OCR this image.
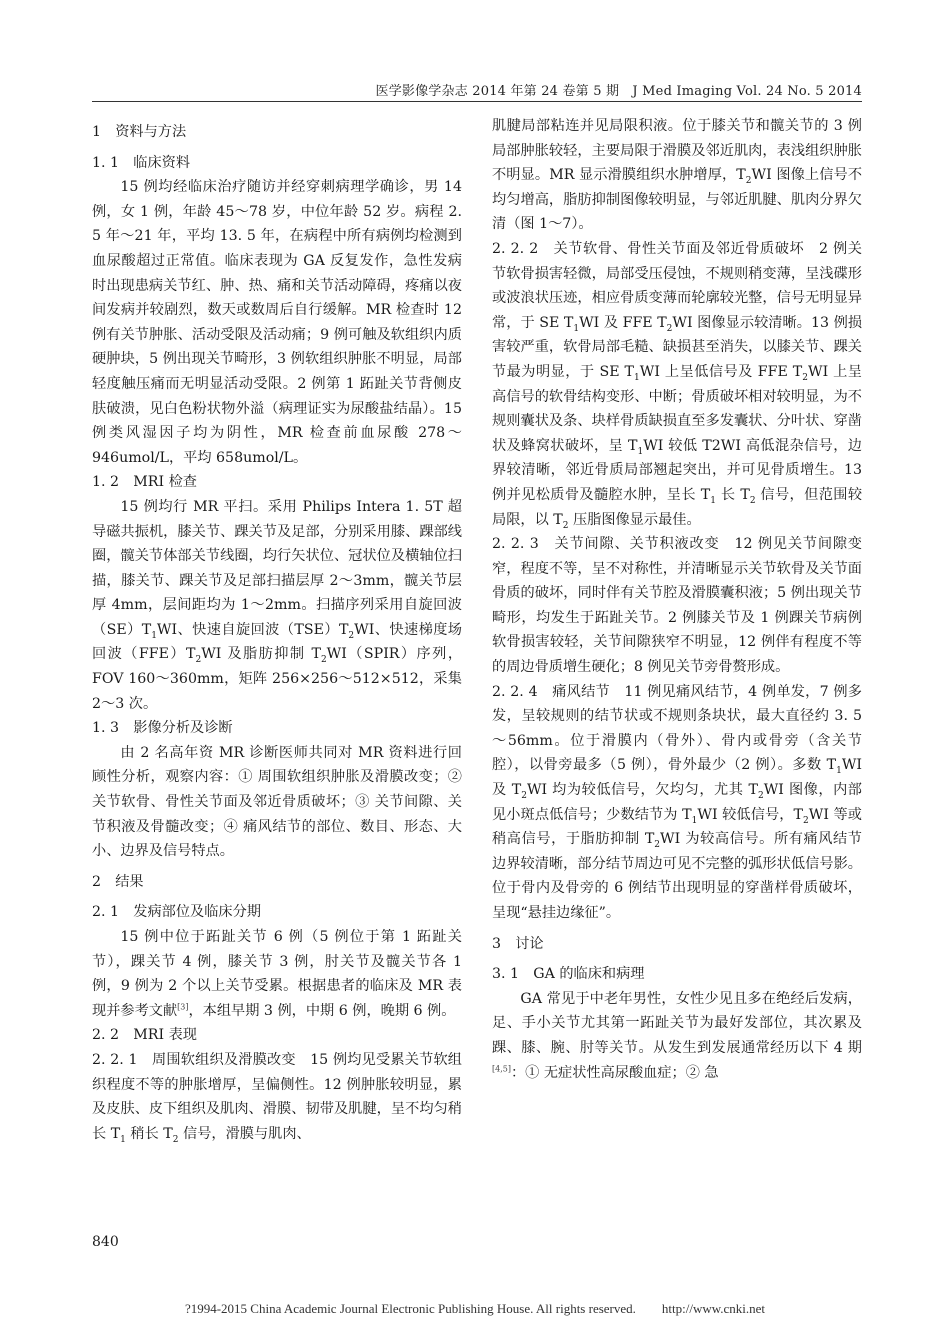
医学影像学杂志 2014 年第 24 卷第 5 期　J Med Imaging Vol. 24 No. 5 2014

1　资料与方法

1. 1　临床资料

15 例均经临床治疗随访并经穿刺病理学确诊，男 14 例，女 1 例，年龄 45～78 岁，中位年龄 52 岁。病程 2. 5 年～21 年，平均 13. 5 年，在病程中所有病例均检测到血尿酸超过正常值。临床表现为 GA 反复发作，急性发病时出现患病关节红、肿、热、痛和关节活动障碍，疼痛以夜间发病并较剧烈，数天或数周后自行缓解。MR 检查时 12 例有关节肿胀、活动受限及活动痛；9 例可触及软组织内质硬肿块，5 例出现关节畸形，3 例软组织肿胀不明显，局部轻度触压痛而无明显活动受限。2 例第 1 跖趾关节背侧皮肤破溃，见白色粉状物外溢（病理证实为尿酸盐结晶）。15 例类风湿因子均为阴性，MR 检查前血尿酸 278～946umol/L，平均 658umol/L。

1. 2　MRI 检查

15 例均行 MR 平扫。采用 Philips Intera 1. 5T 超导磁共振机，膝关节、踝关节及足部，分别采用膝、踝部线圈，髋关节体部关节线圈，均行矢状位、冠状位及横轴位扫描，膝关节、踝关节及足部扫描层厚 2～3mm，髋关节层厚 4mm，层间距均为 1～2mm。扫描序列采用自旋回波$(SE)T_1WI$、快速自旋回波$(TSE)T_2WI$、快速梯度场回波$(FFE)T_2WI$ 及脂肪抑制 $T_2WI(SPIR)$序列，FOV 160～360mm，矩阵 256×256～512×512，采集 2～3 次。

1. 3　影像分析及诊断

由 2 名高年资 MR 诊断医师共同对 MR 资料进行回顾性分析，观察内容：① 周围软组织肿胀及滑膜改变；② 关节软骨、骨性关节面及邻近骨质破坏；③ 关节间隙、关节积液及骨髓改变；④ 痛风结节的部位、数目、形态、大小、边界及信号特点。

2　结果

2. 1　发病部位及临床分期

15 例中位于跖趾关节 6 例（5 例位于第 1 跖趾关节），踝关节 4 例，膝关节 3 例，肘关节及髋关节各 1 例，9 例为 2 个以上关节受累。根据患者的临床及 MR 表现并参考文献[3]，本组早期 3 例，中期 6 例，晚期 6 例。

2. 2　MRI 表现

2. 2. 1　周围软组织及滑膜改变　15 例均见受累关节软组织程度不等的肿胀增厚，呈偏侧性。12 例肿胀较明显，累及皮肤、皮下组织及肌肉、滑膜、韧带及肌腱，呈不均匀稍长 $T_1$ 稍长 $T_2$ 信号，滑膜与肌肉、

肌腱局部粘连并见局限积液。位于膝关节和髋关节的 3 例局部肿胀较轻，主要局限于滑膜及邻近肌肉，表浅组织肿胀不明显。MR 显示滑膜组织水肿增厚，$T_2WI$ 图像上信号不均匀增高，脂肪抑制图像较明显，与邻近肌腱、肌肉分界欠清（图 1～7）。

2. 2. 2　关节软骨、骨性关节面及邻近骨质破坏　2 例关节软骨损害轻微，局部受压侵蚀，不规则稍变薄，呈浅碟形或波浪状压迹，相应骨质变薄而轮廓较光整，信号无明显异常，于 SE $T_1WI$ 及 FFE $T_2WI$ 图像显示较清晰。13 例损害较严重，软骨局部毛糙、缺损甚至消失，以膝关节、踝关节最为明显，于 SE $T_1WI$ 上呈低信号及 FFE $T_2WI$ 上呈高信号的软骨结构变形、中断；骨质破坏相对较明显，为不规则囊状及条、块样骨质缺损直至多发囊状、分叶状、穿凿状及蜂窝状破坏，呈 $T_1WI$ 较低 T2WI 高低混杂信号，边界较清晰，邻近骨质局部翘起突出，并可见骨质增生。13 例并见松质骨及髓腔水肿，呈长 $T_1$ 长 $T_2$ 信号，但范围较局限，以 $T_2$ 压脂图像显示最佳。

2. 2. 3　关节间隙、关节积液改变　12 例见关节间隙变窄，程度不等，呈不对称性，并清晰显示关节软骨及关节面骨质的破坏，同时伴有关节腔及滑膜囊积液；5 例出现关节畸形，均发生于跖趾关节。2 例膝关节及 1 例踝关节病例软骨损害较轻，关节间隙狭窄不明显，12 例伴有程度不等的周边骨质增生硬化；8 例见关节旁骨赘形成。

2. 2. 4　痛风结节　11 例见痛风结节，4 例单发，7 例多发，呈较规则的结节状或不规则条块状，最大直径约 3. 5～56mm。位于滑膜内（骨外）、骨内或骨旁（含关节腔），以骨旁最多（5 例），骨外最少（2 例）。多数 $T_1WI$ 及 $T_2WI$ 均为较低信号，欠均匀，尤其 $T_2WI$ 图像，内部见小斑点低信号；少数结节为 $T_1WI$ 较低信号，$T_2WI$ 等或稍高信号，于脂肪抑制 $T_2WI$ 为较高信号。所有痛风结节边界较清晰，部分结节周边可见不完整的弧形状低信号影。位于骨内及骨旁的 6 例结节出现明显的穿凿样骨质破坏，呈现“悬挂边缘征”。

3　讨论

3. 1　GA 的临床和病理

GA 常见于中老年男性，女性少见且多在绝经后发病，足、手小关节尤其第一跖趾关节为最好发部位，其次累及踝、膝、腕、肘等关节。从发生到发展通常经历以下 4 期[4,5]：① 无症状性高尿酸血症；② 急

840
?1994-2015 China Academic Journal Electronic Publishing House. All rights reserved.　　http://www.cnki.net
